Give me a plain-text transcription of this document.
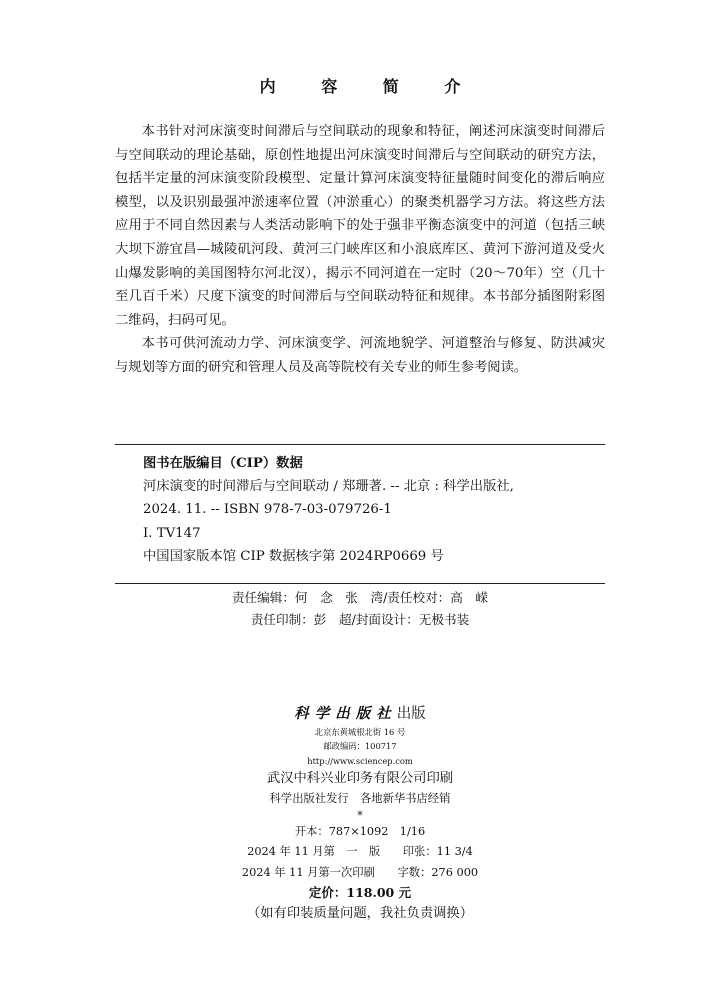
内 容 简 介

本书针对河床演变时间滞后与空间联动的现象和特征，阐述河床演变时间滞后与空间联动的理论基础，原创性地提出河床演变时间滞后与空间联动的研究方法，包括半定量的河床演变阶段模型、定量计算河床演变特征量随时间变化的滞后响应模型，以及识别最强冲淤速率位置（冲淤重心）的聚类机器学习方法。将这些方法应用于不同自然因素与人类活动影响下的处于强非平衡态演变中的河道（包括三峡大坝下游宜昌—城陵矶河段、黄河三门峡库区和小浪底库区、黄河下游河道及受火山爆发影响的美国图特尔河北汊），揭示不同河道在一定时（20～70年）空（几十至几百千米）尺度下演变的时间滞后与空间联动特征和规律。本书部分插图附彩图二维码，扫码可见。

本书可供河流动力学、河床演变学、河流地貌学、河道整治与修复、防洪减灾与规划等方面的研究和管理人员及高等院校有关专业的师生参考阅读。

图书在版编目（CIP）数据
河床演变的时间滞后与空间联动 / 郑珊著. -- 北京 : 科学出版社,
2024. 11. -- ISBN 978-7-03-079726-1
I. TV147
中国国家版本馆 CIP 数据核字第 2024RP0669 号
责任编辑：何　念　张　湾/责任校对：高　嵘
责任印制：彭　超/封面设计：无极书装
科学出版社出版
北京东黄城根北街 16 号
邮政编码：100717
http://www.sciencep.com
武汉中科兴业印务有限公司印刷
科学出版社发行　各地新华书店经销
*
开本：787×1092　1/16
2024 年 11 月第　一　版　　印张：11 3/4
2024 年 11 月第一次印刷　　字数：276 000
定价：118.00 元
（如有印装质量问题，我社负责调换）
